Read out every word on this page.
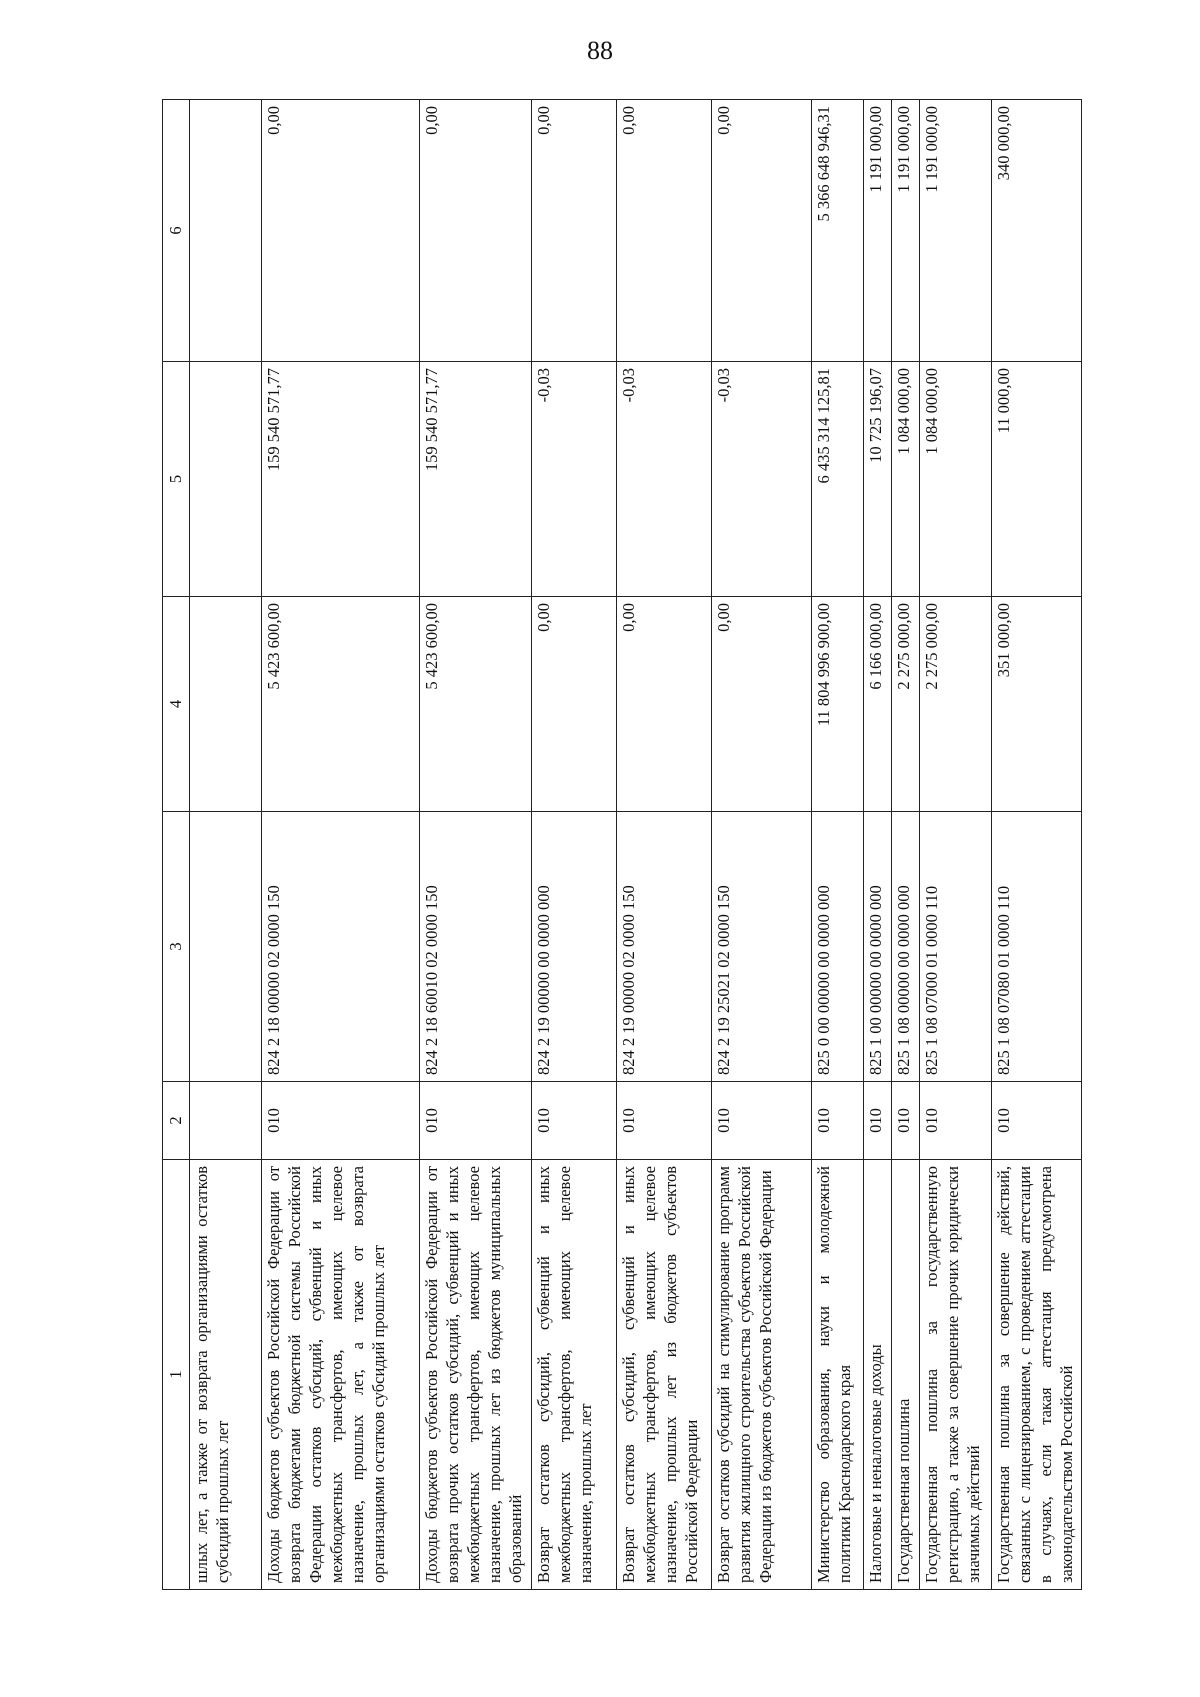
88
1	2	3	4	5	6
шлых лет, а также от возврата организациями остатков субсидий прошлых лет					
Доходы бюджетов субъектов Российской Федерации от возврата бюджетами бюджетной системы Российской Федерации остатков субсидий, субвенций и иных межбюджетных трансфертов, имеющих целевое назначение, прошлых лет, а также от возврата организациями остатков субсидий прошлых лет	010	824 2 18 00000 02 0000 150	5 423 600,00	159 540 571,77	0,00
Доходы бюджетов субъектов Российской Федерации от возврата прочих остатков субсидий, субвенций и иных межбюджетных трансфертов, имеющих целевое назначение, прошлых лет из бюджетов муниципальных образований	010	824 2 18 60010 02 0000 150	5 423 600,00	159 540 571,77	0,00
Возврат остатков субсидий, субвенций и иных межбюджетных трансфертов, имеющих целевое назначение, прошлых лет	010	824 2 19 00000 00 0000 000	0,00	-0,03	0,00
Возврат остатков субсидий, субвенций и иных межбюджетных трансфертов, имеющих целевое назначение, прошлых лет из бюджетов субъектов Российской Федерации	010	824 2 19 00000 02 0000 150	0,00	-0,03	0,00
Возврат остатков субсидий на стимулирование программ развития жилищного строительства субъектов Российской Федерации из бюджетов субъектов Российской Федерации	010	824 2 19 25021 02 0000 150	0,00	-0,03	0,00
Министерство образования, науки и молодежной политики Краснодарского края	010	825 0 00 00000 00 0000 000	11 804 996 900,00	6 435 314 125,81	5 366 648 946,31
Налоговые и неналоговые доходы	010	825 1 00 00000 00 0000 000	6 166 000,00	10 725 196,07	1 191 000,00
Государственная пошлина	010	825 1 08 00000 00 0000 000	2 275 000,00	1 084 000,00	1 191 000,00
Государственная пошлина за государственную регистрацию, а также за совершение прочих юридически значимых действий	010	825 1 08 07000 01 0000 110	2 275 000,00	1 084 000,00	1 191 000,00
Государственная пошлина за совершение действий, связанных с лицензированием, с проведением аттестации в случаях, если такая аттестация предусмотрена законодательством Российской	010	825 1 08 07080 01 0000 110	351 000,00	11 000,00	340 000,00
